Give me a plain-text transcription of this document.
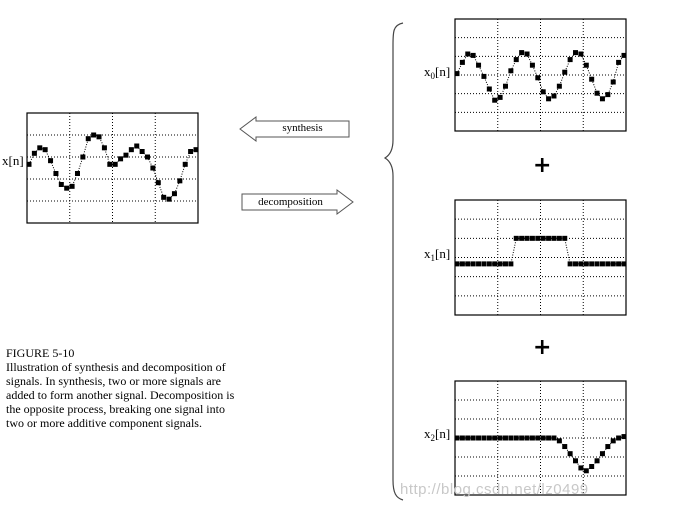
x[n]
$x_0[n]$
$x_1[n]$
$x_2[n]$
synthesis
decomposition
+
+
FIGURE 5-10
Illustration of synthesis and decomposition of
signals. In synthesis, two or more signals are
added to form another signal. Decomposition is
the opposite process, breaking one signal into
two or more additive component signals.
http://blog.csdn.net/lz0499
